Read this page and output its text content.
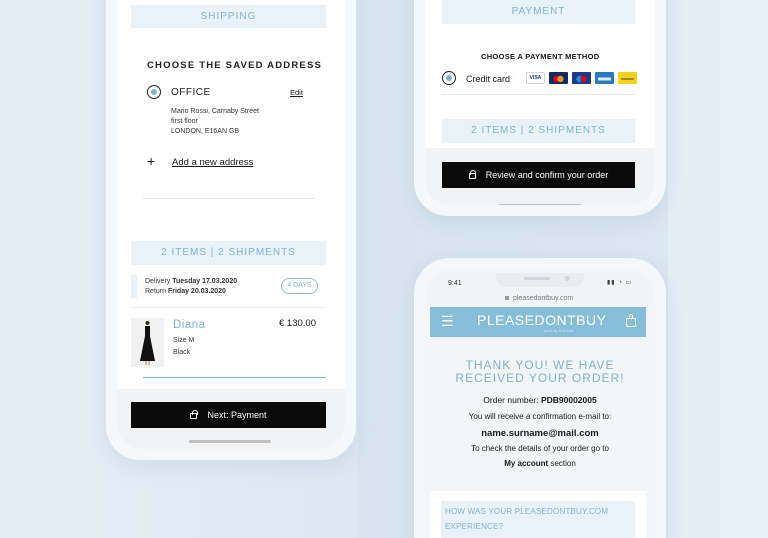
SHIPPING
CHOOSE THE SAVED ADDRESS
OFFICE	Edit
Mario Rossi, Carnaby Street
first floor
LONDON, E16AN GB
+ Add a new address
2 ITEMS | 2 SHIPMENTS
Delivery Tuesday 17.03.2020
Return Friday 20.03.2020
4 DAYS
Diana	€ 130.00
Size M
Black
Next: Payment
PAYMENT
CHOOSE A PAYMENT METHOD
Credit card	VISA
2 ITEMS | 2 SHIPMENTS
Review and confirm your order
9:41	▮▮ ◔ ▭
pleasedontbuy.com
☰ PLEASEDONTBUY
quality finesse
THANK YOU! WE HAVE
RECEIVED YOUR ORDER!
Order number: PDB90002005
You will receive a confirmation e-mail to:
name.surname@mail.com
To check the details of your order go to
My account section
HOW WAS YOUR PLEASEDONTBUY.COM
EXPERIENCE?
